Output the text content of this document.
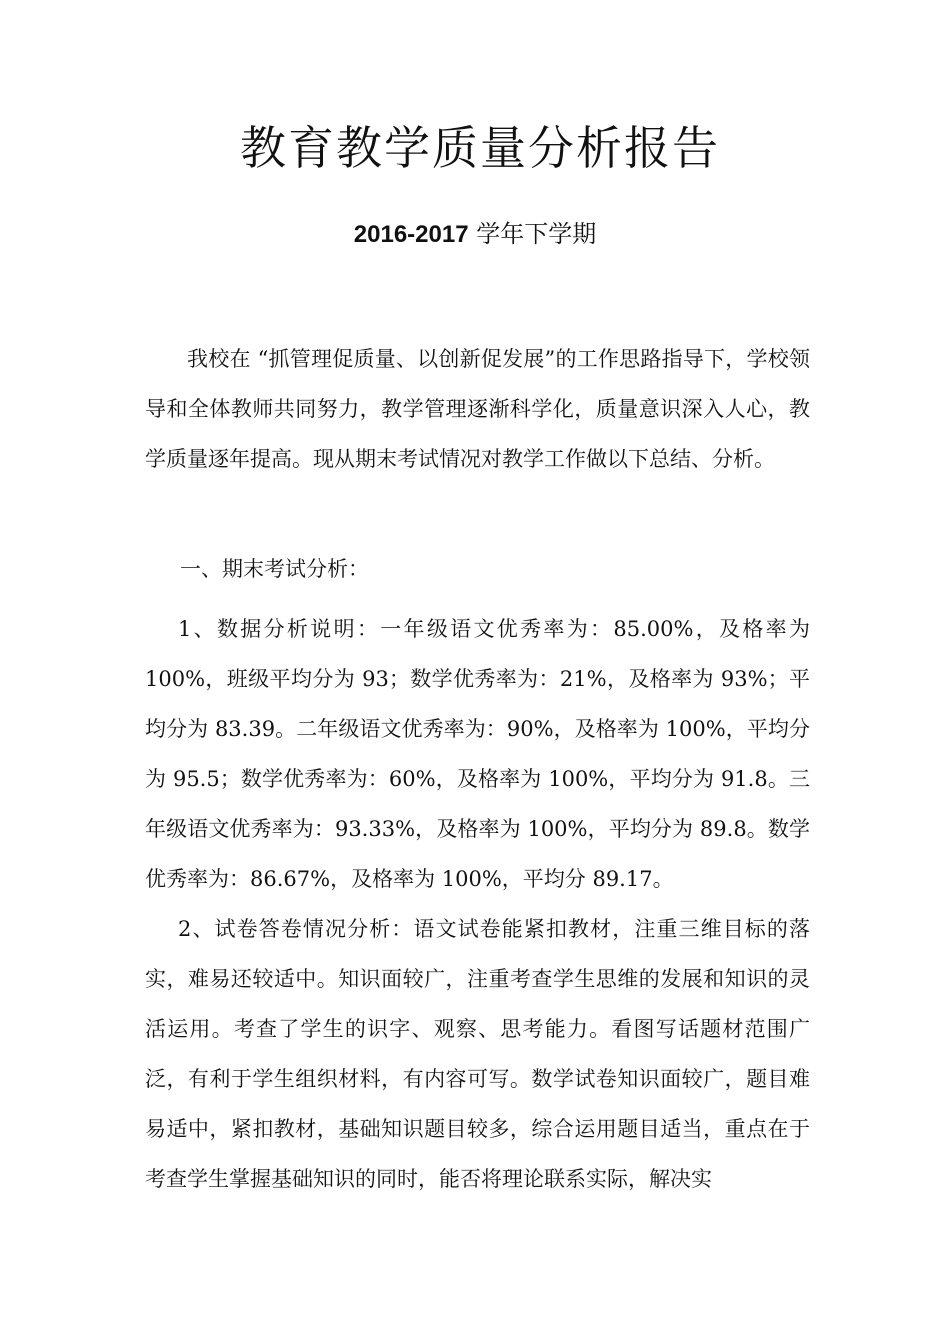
教育教学质量分析报告
2016-2017 学年下学期

我校在 “抓管理促质量、以创新促发展”的工作思路指导下，学校领导和全体教师共同努力，教学管理逐渐科学化，质量意识深入人心，教学质量逐年提高。现从期末考试情况对教学工作做以下总结、分析。

一、期末考试分析：

1、数据分析说明：一年级语文优秀率为：85.00%，及格率为 100%，班级平均分为 93；数学优秀率为：21%，及格率为 93%；平均分为 83.39。二年级语文优秀率为：90%，及格率为 100%，平均分为 95.5；数学优秀率为：60%，及格率为 100%，平均分为 91.8。三年级语文优秀率为：93.33%，及格率为 100%，平均分为 89.8。数学优秀率为：86.67%，及格率为 100%，平均分 89.17。

2、试卷答卷情况分析：语文试卷能紧扣教材，注重三维目标的落实，难易还较适中。知识面较广，注重考查学生思维的发展和知识的灵活运用。考查了学生的识字、观察、思考能力。看图写话题材范围广泛，有利于学生组织材料，有内容可写。数学试卷知识面较广，题目难易适中，紧扣教材，基础知识题目较多，综合运用题目适当，重点在于考查学生掌握基础知识的同时，能否将理论联系实际，解决实
